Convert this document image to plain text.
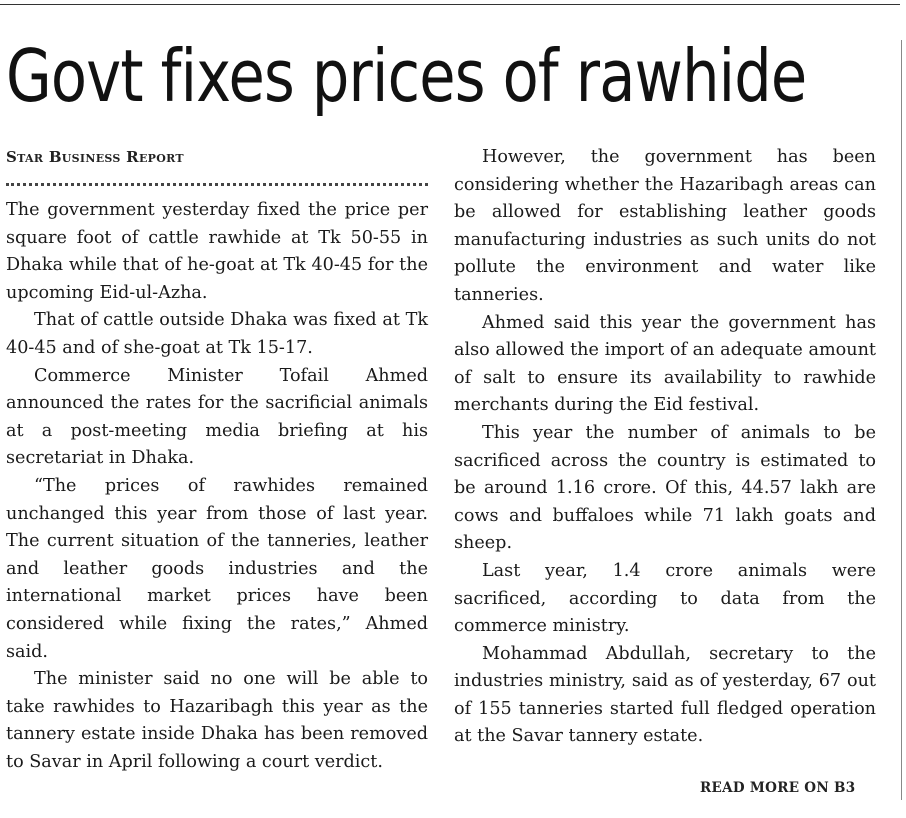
Govt fixes prices of rawhide
Star Business Report

The government yesterday fixed the price per square foot of cattle rawhide at Tk 50-55 in Dhaka while that of he-goat at Tk 40-45 for the upcoming Eid-ul-Azha.

That of cattle outside Dhaka was fixed at Tk 40-45 and of she-goat at Tk 15-17.

Commerce Minister Tofail Ahmed announced the rates for the sacrificial animals at a post-meeting media briefing at his secretariat in Dhaka.

“The prices of rawhides remained unchanged this year from those of last year. The current situation of the tanneries, leather and leather goods industries and the international market prices have been considered while fixing the rates,” Ahmed said.

The minister said no one will be able to take rawhides to Hazaribagh this year as the tannery estate inside Dhaka has been removed to Savar in April following a court verdict.

However, the government has been considering whether the Hazaribagh areas can be allowed for establishing leather goods manufacturing industries as such units do not pollute the environment and water like tanneries.

Ahmed said this year the government has also allowed the import of an adequate amount of salt to ensure its availability to rawhide merchants during the Eid festival.

This year the number of animals to be sacrificed across the country is estimated to be around 1.16 crore. Of this, 44.57 lakh are cows and buffaloes while 71 lakh goats and sheep.

Last year, 1.4 crore animals were sacrificed, according to data from the commerce ministry.

Mohammad Abdullah, secretary to the industries ministry, said as of yesterday, 67 out of 155 tanneries started full fledged operation at the Savar tannery estate.

READ MORE ON B3
